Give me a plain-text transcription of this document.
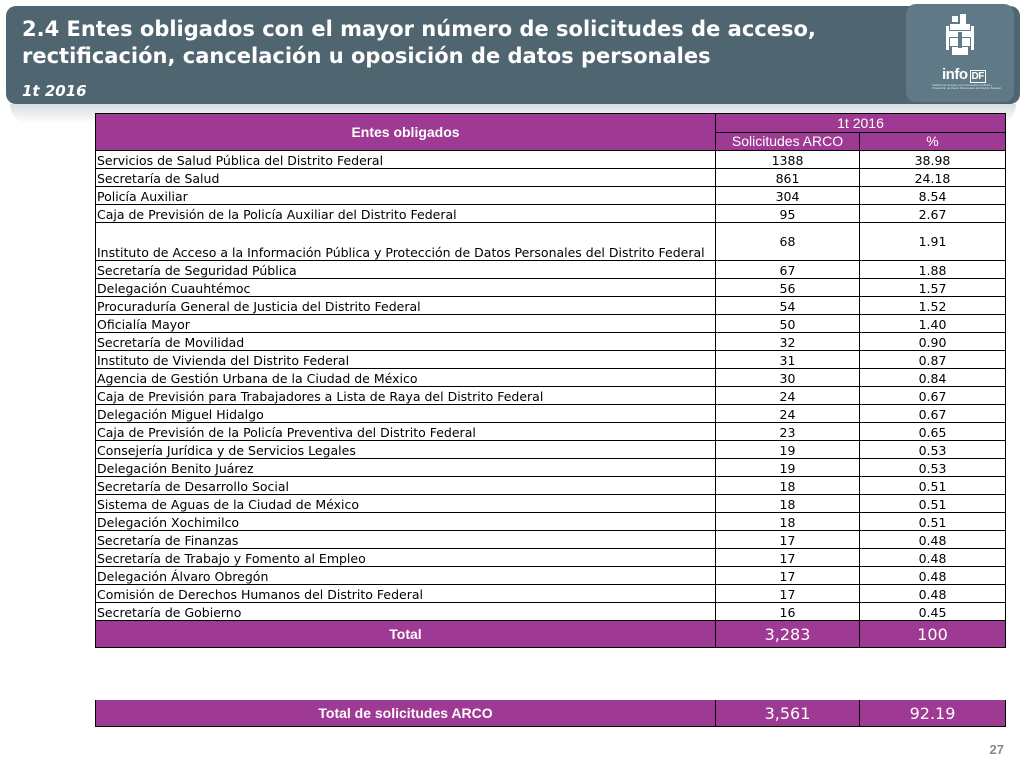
2.4 Entes obligados con el mayor número de solicitudes de acceso, rectificación, cancelación u oposición de datos personales
1t 2016
info DF
Instituto de Acceso a la Información Pública y Protección de Datos Personales del Distrito Federal
Entes obligados	1t 2016	
	Solicitudes ARCO	%
Servicios de Salud Pública del Distrito Federal	1388	38.98
Secretaría de Salud	861	24.18
Policía Auxiliar	304	8.54
Caja de Previsión de la Policía Auxiliar del Distrito Federal	95	2.67
Instituto de Acceso a la Información Pública y Protección de Datos Personales del Distrito Federal	68	1.91
Secretaría de Seguridad Pública	67	1.88
Delegación Cuauhtémoc	56	1.57
Procuraduría General de Justicia del Distrito Federal	54	1.52
Oficialía Mayor	50	1.40
Secretaría de Movilidad	32	0.90
Instituto de Vivienda del Distrito Federal	31	0.87
Agencia de Gestión Urbana de la Ciudad de México	30	0.84
Caja de Previsión para Trabajadores a Lista de Raya del Distrito Federal	24	0.67
Delegación Miguel Hidalgo	24	0.67
Caja de Previsión de la Policía Preventiva del Distrito Federal	23	0.65
Consejería Jurídica y de Servicios Legales	19	0.53
Delegación Benito Juárez	19	0.53
Secretaría de Desarrollo Social	18	0.51
Sistema de Aguas de la Ciudad de México	18	0.51
Delegación Xochimilco	18	0.51
Secretaría de Finanzas	17	0.48
Secretaría de Trabajo y Fomento al Empleo	17	0.48
Delegación Álvaro Obregón	17	0.48
Comisión de Derechos Humanos del Distrito Federal	17	0.48
Secretaría de Gobierno	16	0.45
Total	3,283	100
Total de solicitudes ARCO	3,561	92.19
27
